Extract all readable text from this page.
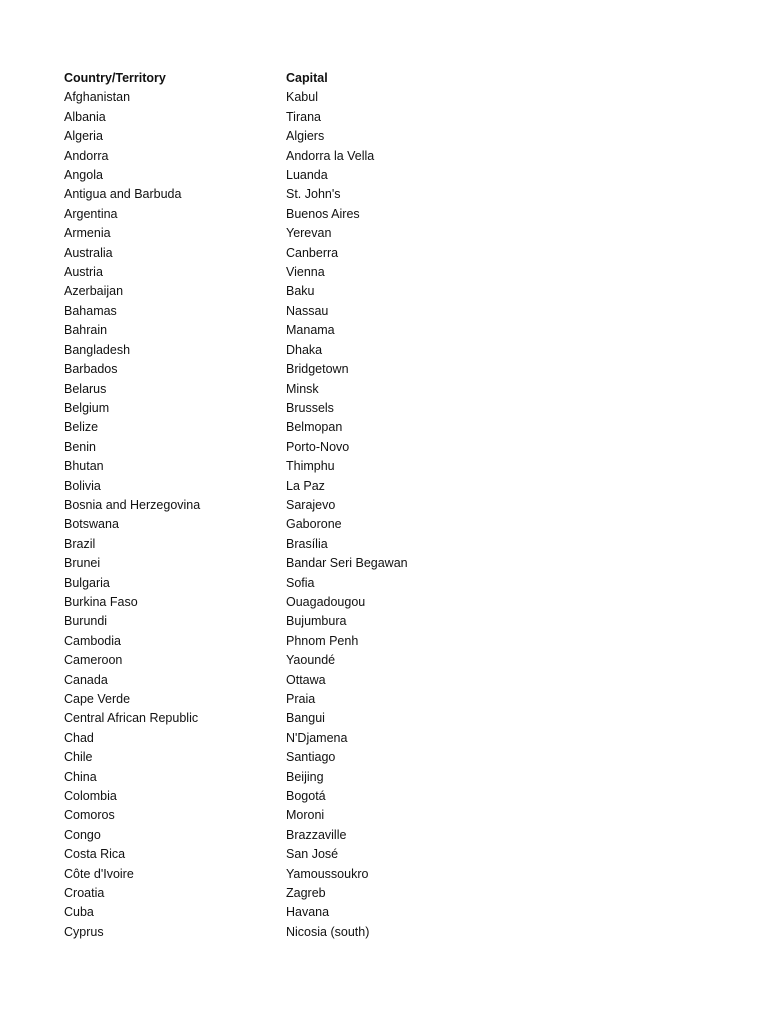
Country/Territory	Capital
Afghanistan	Kabul
Albania	Tirana
Algeria	Algiers
Andorra	Andorra la Vella
Angola	Luanda
Antigua and Barbuda	St. John's
Argentina	Buenos Aires
Armenia	Yerevan
Australia	Canberra
Austria	Vienna
Azerbaijan	Baku
Bahamas	Nassau
Bahrain	Manama
Bangladesh	Dhaka
Barbados	Bridgetown
Belarus	Minsk
Belgium	Brussels
Belize	Belmopan
Benin	Porto-Novo
Bhutan	Thimphu
Bolivia	La Paz
Bosnia and Herzegovina	Sarajevo
Botswana	Gaborone
Brazil	Brasília
Brunei	Bandar Seri Begawan
Bulgaria	Sofia
Burkina Faso	Ouagadougou
Burundi	Bujumbura
Cambodia	Phnom Penh
Cameroon	Yaoundé
Canada	Ottawa
Cape Verde	Praia
Central African Republic	Bangui
Chad	N'Djamena
Chile	Santiago
China	Beijing
Colombia	Bogotá
Comoros	Moroni
Congo	Brazzaville
Costa Rica	San José
Côte d'Ivoire	Yamoussoukro
Croatia	Zagreb
Cuba	Havana
Cyprus	Nicosia (south)
